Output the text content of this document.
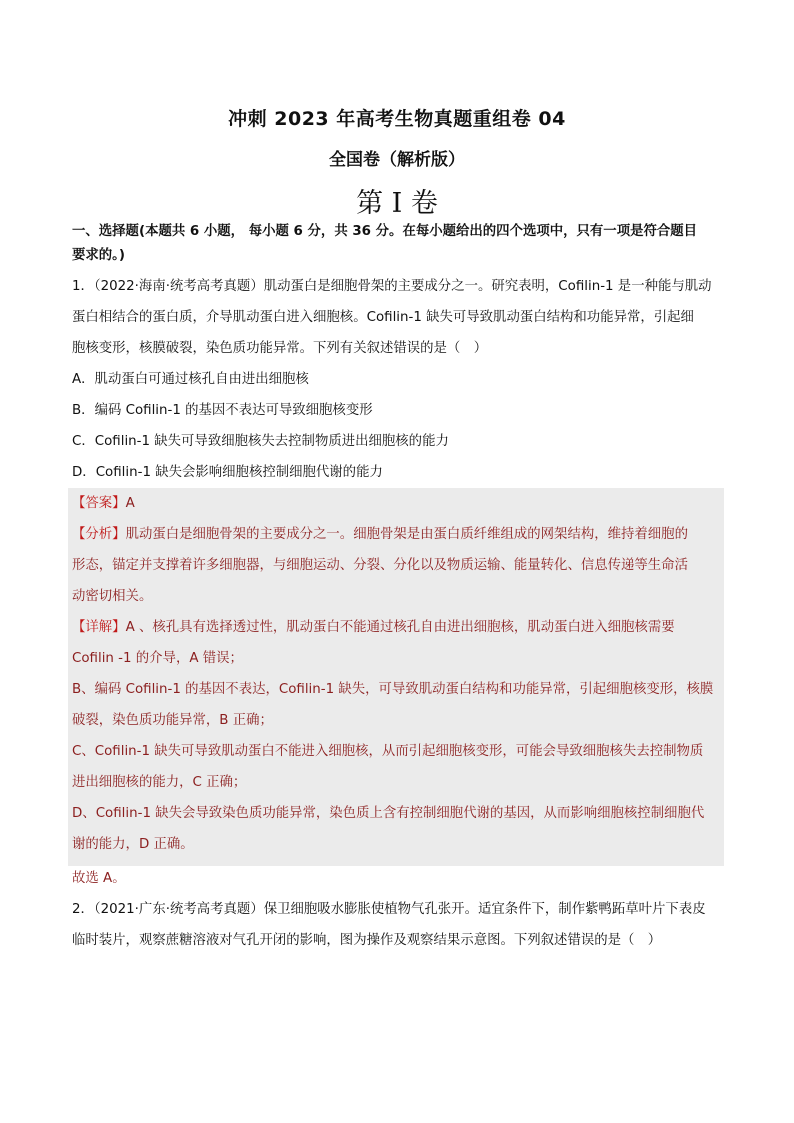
冲刺 2023 年高考生物真题重组卷 04
全国卷（解析版）
第 I 卷
一、选择题(本题共 6 小题， 每小题 6 分，共 36 分。在每小题给出的四个选项中，只有一项是符合题目
要求的。)
1．（2022·海南·统考高考真题）肌动蛋白是细胞骨架的主要成分之一。研究表明，Cofilin-1 是一种能与肌动
蛋白相结合的蛋白质，介导肌动蛋白进入细胞核。Cofilin-1 缺失可导致肌动蛋白结构和功能异常，引起细
胞核变形，核膜破裂，染色质功能异常。下列有关叙述错误的是（　）
A．肌动蛋白可通过核孔自由进出细胞核
B．编码 Cofilin-1 的基因不表达可导致细胞核变形
C．Cofilin-1 缺失可导致细胞核失去控制物质进出细胞核的能力
D．Cofilin-1 缺失会影响细胞核控制细胞代谢的能力
【答案】A
【分析】肌动蛋白是细胞骨架的主要成分之一。细胞骨架是由蛋白质纤维组成的网架结构，维持着细胞的
形态，锚定并支撑着许多细胞器，与细胞运动、分裂、分化以及物质运输、能量转化、信息传递等生命活
动密切相关。
【详解】A 、核孔具有选择透过性，肌动蛋白不能通过核孔自由进出细胞核，肌动蛋白进入细胞核需要
Cofilin -1 的介导，A 错误；
B、编码 Cofilin-1 的基因不表达，Cofilin-1 缺失，可导致肌动蛋白结构和功能异常，引起细胞核变形，核膜
破裂，染色质功能异常，B 正确；
C、Cofilin-1 缺失可导致肌动蛋白不能进入细胞核，从而引起细胞核变形，可能会导致细胞核失去控制物质
进出细胞核的能力，C 正确；
D、Cofilin-1 缺失会导致染色质功能异常，染色质上含有控制细胞代谢的基因，从而影响细胞核控制细胞代
谢的能力，D 正确。
故选 A。
2．（2021·广东·统考高考真题）保卫细胞吸水膨胀使植物气孔张开。适宜条件下，制作紫鸭跖草叶片下表皮
临时装片，观察蔗糖溶液对气孔开闭的影响，图为操作及观察结果示意图。下列叙述错误的是（　）
